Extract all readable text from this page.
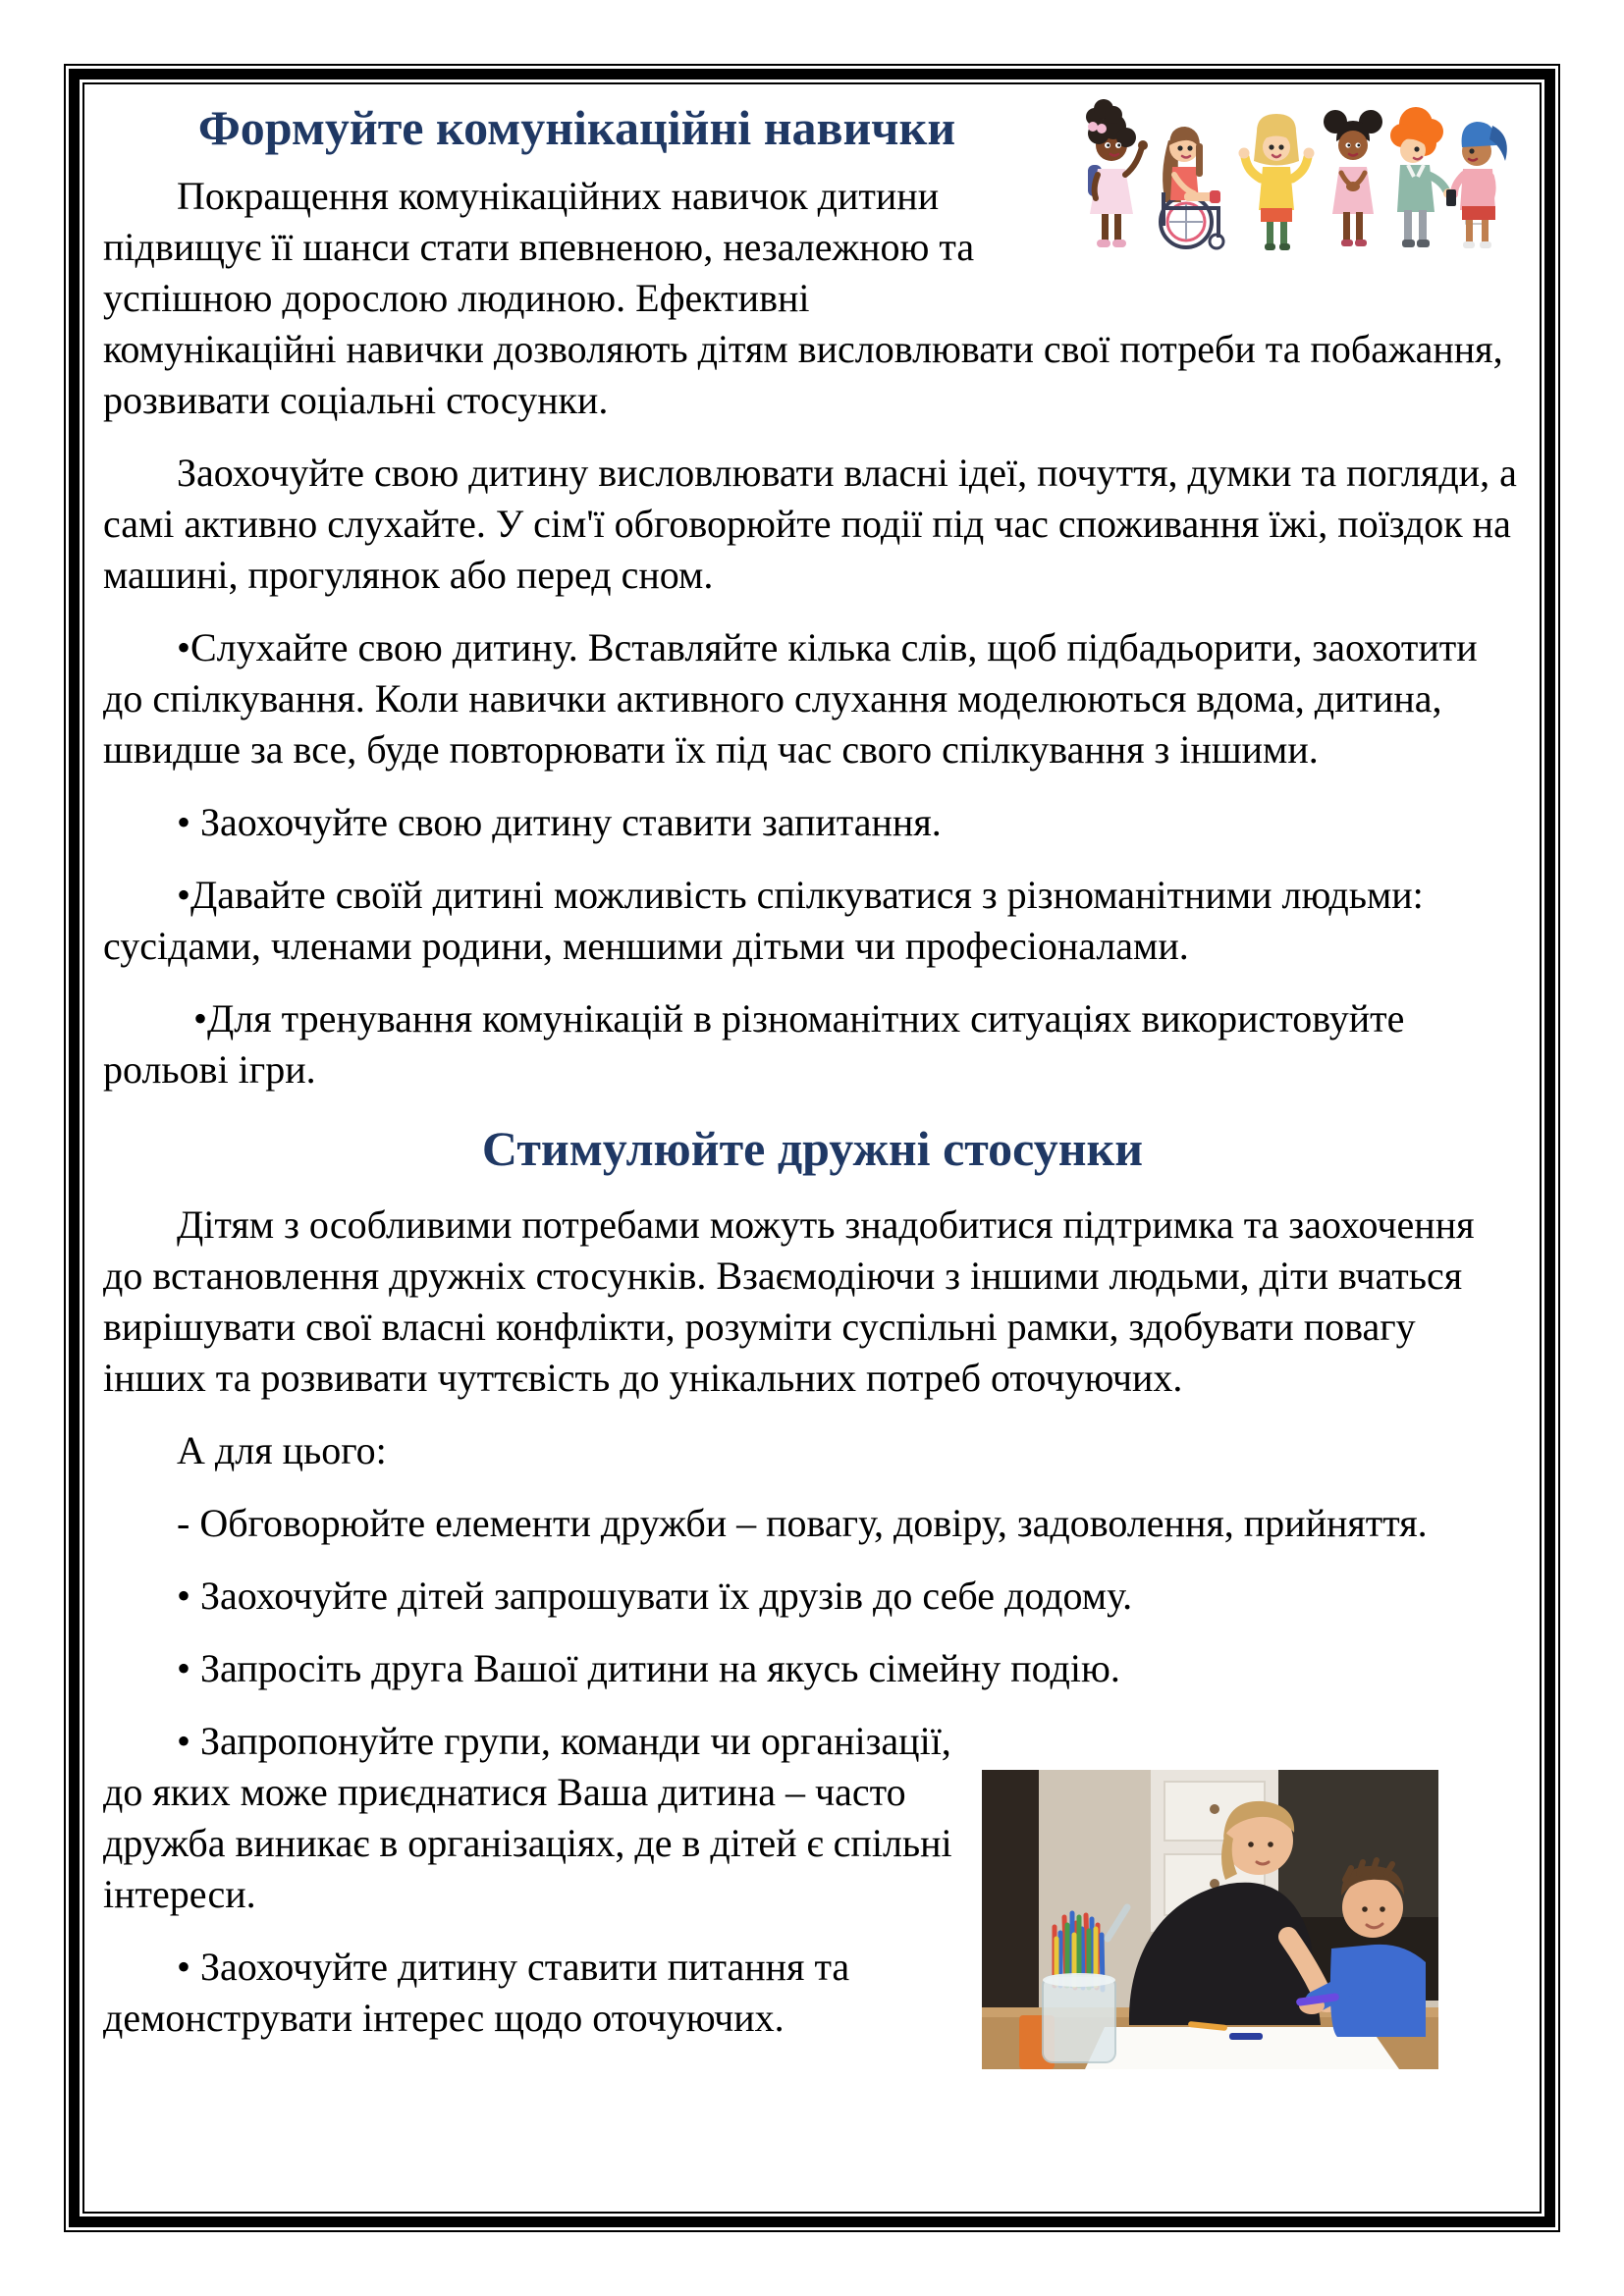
Формуйте комунікаційні навички

Покращення комунікаційних навичок дитини підвищує її шанси стати впевненою, незалежною та успішною дорослою людиною. Ефективні комунікаційні навички дозволяють дітям висловлювати свої потреби та побажання, розвивати соціальні стосунки.

Заохочуйте свою дитину висловлювати власні ідеї, почуття, думки та погляди, а самі активно слухайте. У сім'ї обговорюйте події під час споживання їжі, поїздок на машині, прогулянок або перед сном.

•Слухайте свою дитину. Вставляйте кілька слів, щоб підбадьорити, заохотити до спілкування. Коли навички активного слухання моделюються вдома, дитина, швидше за все, буде повторювати їх під час свого спілкування з іншими.

• Заохочуйте свою дитину ставити запитання.

•Давайте своїй дитині можливість спілкуватися з різноманітними людьми: сусідами, членами родини, меншими дітьми чи професіоналами.

•Для тренування комунікацій в різноманітних ситуаціях використовуйте рольові ігри.

Стимулюйте дружні стосунки

Дітям з особливими потребами можуть знадобитися підтримка та заохочення до встановлення дружніх стосунків. Взаємодіючи з іншими людьми, діти вчаться вирішувати свої власні конфлікти, розуміти суспільні рамки, здобувати повагу інших та розвивати чуттєвість до унікальних потреб оточуючих.

А для цього:

- Обговорюйте елементи дружби – повагу, довіру, задоволення, прийняття.

• Заохочуйте дітей запрошувати їх друзів до себе додому.

• Запросіть друга Вашої дитини на якусь сімейну подію.

• Запропонуйте групи, команди чи організації, до яких може приєднатися Ваша дитина – часто дружба виникає в організаціях, де в дітей є спільні інтереси.

• Заохочуйте дитину ставити питання та демонструвати інтерес щодо оточуючих.
